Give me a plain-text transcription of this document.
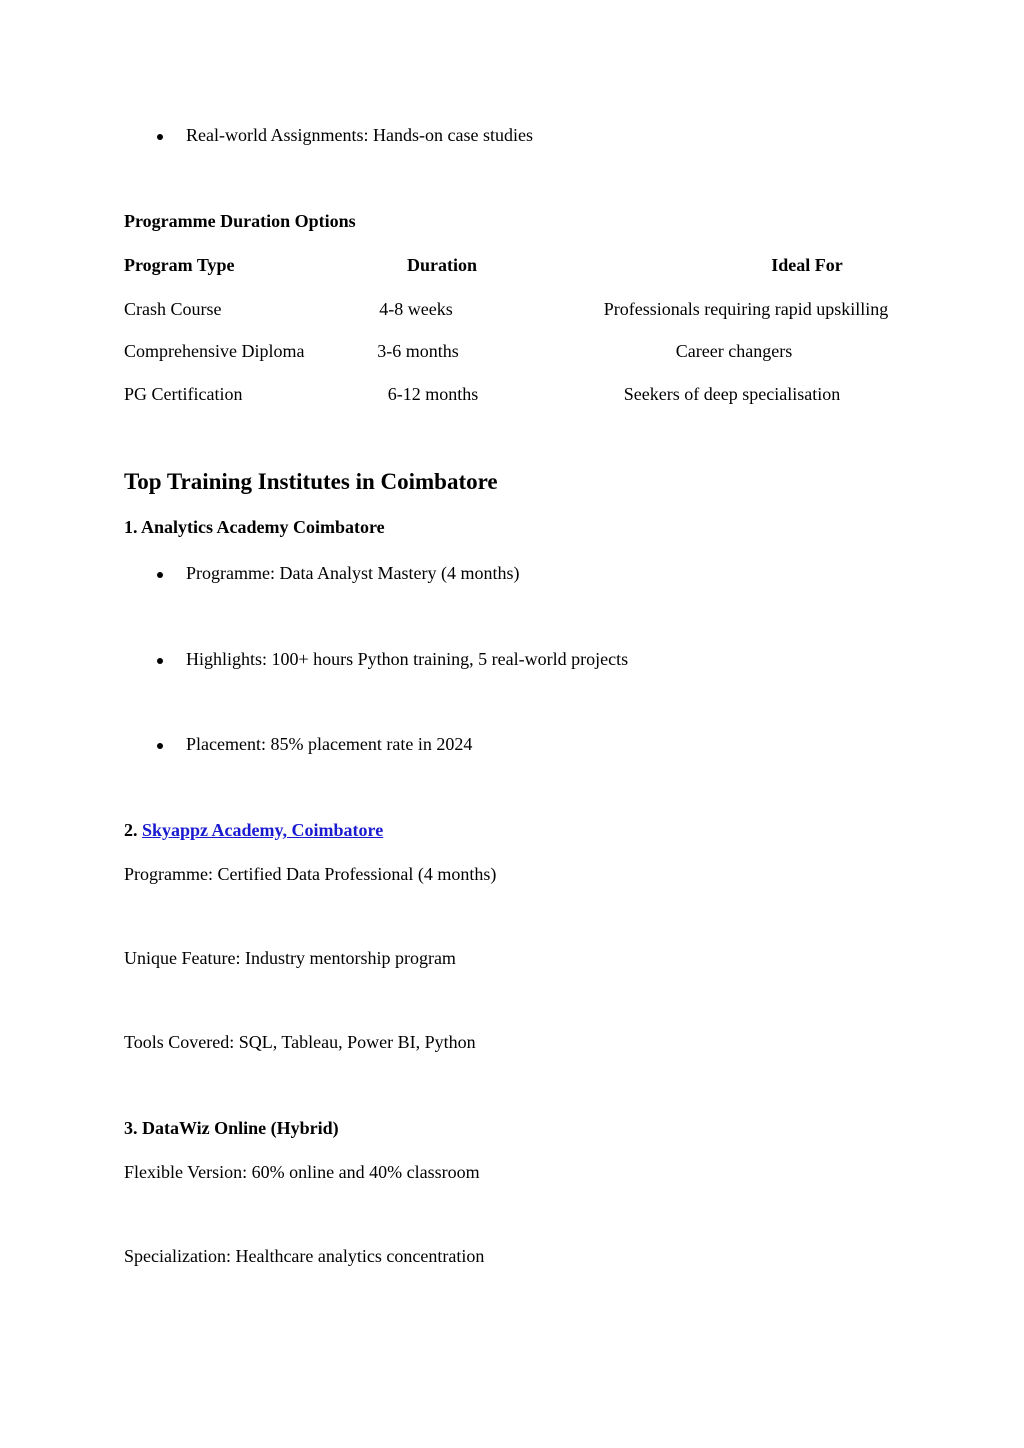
Real-world Assignments: Hands-on case studies
Programme Duration Options
Program Type	Duration	Ideal For
Crash Course	4-8 weeks	Professionals requiring rapid upskilling
Comprehensive Diploma	3-6 months	Career changers
PG Certification	6-12 months	Seekers of deep specialisation
Top Training Institutes in Coimbatore
1. Analytics Academy Coimbatore
Programme: Data Analyst Mastery (4 months)
Highlights: 100+ hours Python training, 5 real-world projects
Placement: 85% placement rate in 2024
2. Skyappz Academy, Coimbatore
Programme: Certified Data Professional (4 months)
Unique Feature: Industry mentorship program
Tools Covered: SQL, Tableau, Power BI, Python
3. DataWiz Online (Hybrid)
Flexible Version: 60% online and 40% classroom
Specialization: Healthcare analytics concentration
